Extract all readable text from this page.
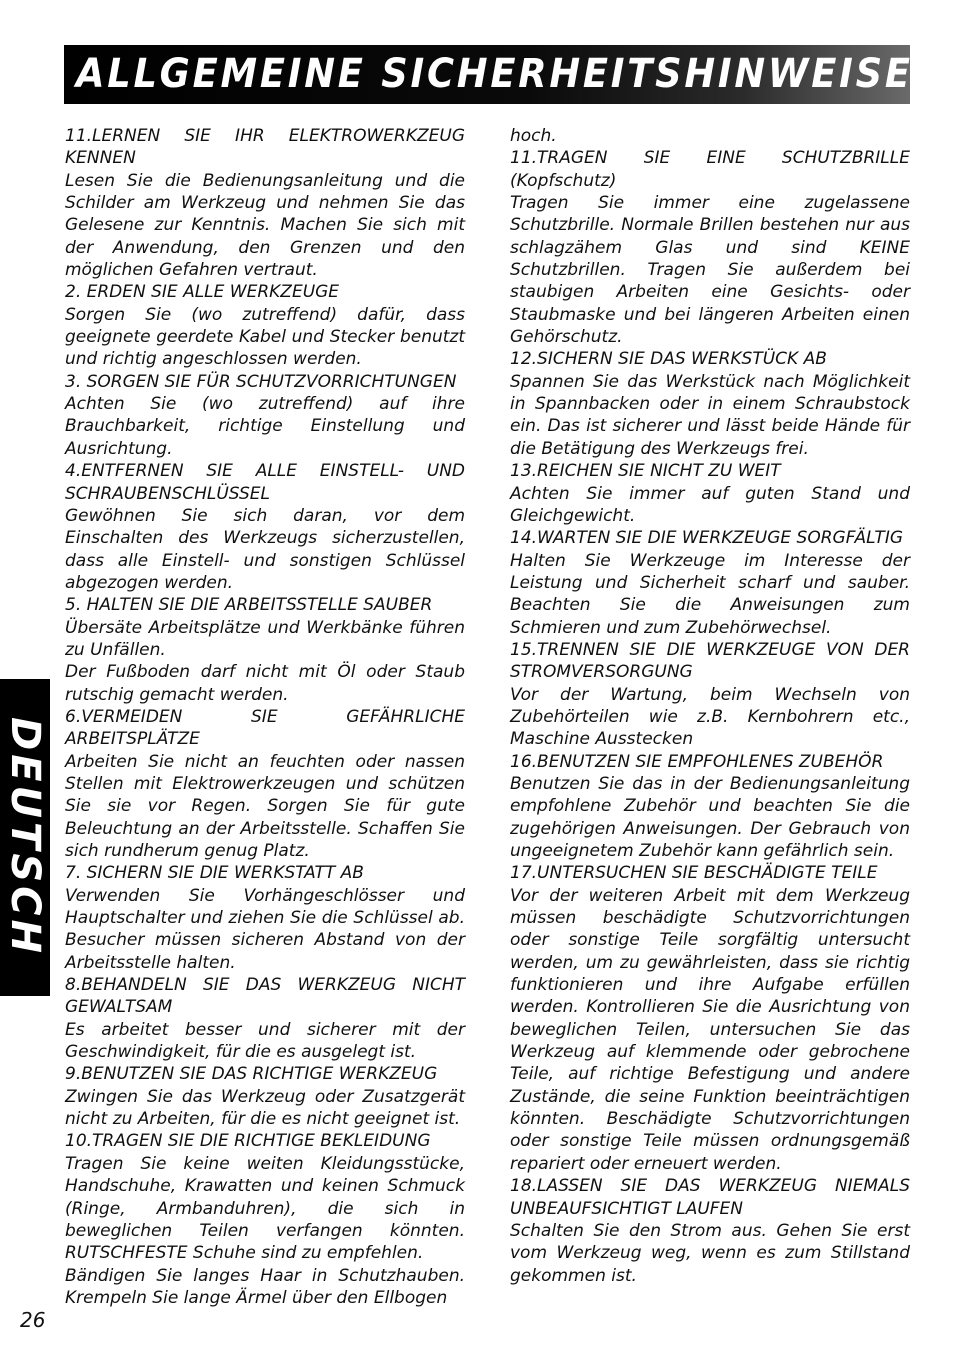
ALLGEMEINE SICHERHEITSHINWEISE

11.LERNEN SIE IHR ELEKTROWERKZEUG KENNEN

Lesen Sie die Bedienungsanleitung und die Schilder am Werkzeug und nehmen Sie das Gelesene zur Kenntnis. Machen Sie sich mit der Anwendung, den Grenzen und den möglichen Gefahren vertraut.

2. ERDEN SIE ALLE WERKZEUGE

Sorgen Sie (wo zutreffend) dafür, dass geeignete geerdete Kabel und Stecker benutzt und richtig angeschlossen werden.

3. SORGEN SIE FÜR SCHUTZVORRICHTUNGEN

Achten Sie (wo zutreffend) auf ihre Brauchbarkeit, richtige Einstellung und Ausrichtung.

4.ENTFERNEN SIE ALLE EINSTELL- UND SCHRAUBENSCHLÜSSEL

Gewöhnen Sie sich daran, vor dem Einschalten des Werkzeugs sicherzustellen, dass alle Einstell- und sonstigen Schlüssel abgezogen werden.

5. HALTEN SIE DIE ARBEITSSTELLE SAUBER

Übersäte Arbeitsplätze und Werkbänke führen zu Unfällen.

Der Fußboden darf nicht mit Öl oder Staub rutschig gemacht werden.

6.VERMEIDEN SIE GEFÄHRLICHE ARBEITSPLÄTZE

Arbeiten Sie nicht an feuchten oder nassen Stellen mit Elektrowerkzeugen und schützen Sie sie vor Regen. Sorgen Sie für gute Beleuchtung an der Arbeitsstelle. Schaffen Sie sich rundherum genug Platz.

7. SICHERN SIE DIE WERKSTATT AB

Verwenden Sie Vorhängeschlösser und Hauptschalter und ziehen Sie die Schlüssel ab. Besucher müssen sicheren Abstand von der Arbeitsstelle halten.

8.BEHANDELN SIE DAS WERKZEUG NICHT GEWALTSAM

Es arbeitet besser und sicherer mit der Geschwindigkeit, für die es ausgelegt ist.

9.BENUTZEN SIE DAS RICHTIGE WERKZEUG

Zwingen Sie das Werkzeug oder Zusatzgerät nicht zu Arbeiten, für die es nicht geeignet ist.

10.TRAGEN SIE DIE RICHTIGE BEKLEIDUNG

Tragen Sie keine weiten Kleidungsstücke, Handschuhe, Krawatten und keinen Schmuck (Ringe, Armbanduhren), die sich in beweglichen Teilen verfangen könnten. RUTSCHFESTE Schuhe sind zu empfehlen.

Bändigen Sie langes Haar in Schutzhauben. Krempeln Sie lange Ärmel über den Ellbogen

hoch.

11.TRAGEN SIE EINE SCHUTZBRILLE (Kopfschutz)

Tragen Sie immer eine zugelassene Schutzbrille. Normale Brillen bestehen nur aus schlagzähem Glas und sind KEINE Schutzbrillen. Tragen Sie außerdem bei staubigen Arbeiten eine Gesichts- oder Staubmaske und bei längeren Arbeiten einen Gehörschutz.

12.SICHERN SIE DAS WERKSTÜCK AB

Spannen Sie das Werkstück nach Möglichkeit in Spannbacken oder in einem Schraubstock ein. Das ist sicherer und lässt beide Hände für die Betätigung des Werkzeugs frei.

13.REICHEN SIE NICHT ZU WEIT

Achten Sie immer auf guten Stand und Gleichgewicht.

14.WARTEN SIE DIE WERKZEUGE SORGFÄLTIG

Halten Sie Werkzeuge im Interesse der Leistung und Sicherheit scharf und sauber. Beachten Sie die Anweisungen zum Schmieren und zum Zubehörwechsel.

15.TRENNEN SIE DIE WERKZEUGE VON DER STROMVERSORGUNG

Vor der Wartung, beim Wechseln von Zubehörteilen wie z.B. Kernbohrern etc., Maschine Ausstecken

16.BENUTZEN SIE EMPFOHLENES ZUBEHÖR

Benutzen Sie das in der Bedienungsanleitung empfohlene Zubehör und beachten Sie die zugehörigen Anweisungen. Der Gebrauch von ungeeignetem Zubehör kann gefährlich sein.

17.UNTERSUCHEN SIE BESCHÄDIGTE TEILE

Vor der weiteren Arbeit mit dem Werkzeug müssen beschädigte Schutzvorrichtungen oder sonstige Teile sorgfältig untersucht werden, um zu gewährleisten, dass sie richtig funktionieren und ihre Aufgabe erfüllen werden. Kontrollieren Sie die Ausrichtung von beweglichen Teilen, untersuchen Sie das Werkzeug auf klemmende oder gebrochene Teile, auf richtige Befestigung und andere Zustände, die seine Funktion beeinträchtigen könnten. Beschädigte Schutzvorrichtungen oder sonstige Teile müssen ordnungsgemäß repariert oder erneuert werden.

18.LASSEN SIE DAS WERKZEUG NIEMALS UNBEAUFSICHTIGT LAUFEN

Schalten Sie den Strom aus. Gehen Sie erst vom Werkzeug weg, wenn es zum Stillstand gekommen ist.

DEUTSCH
26
